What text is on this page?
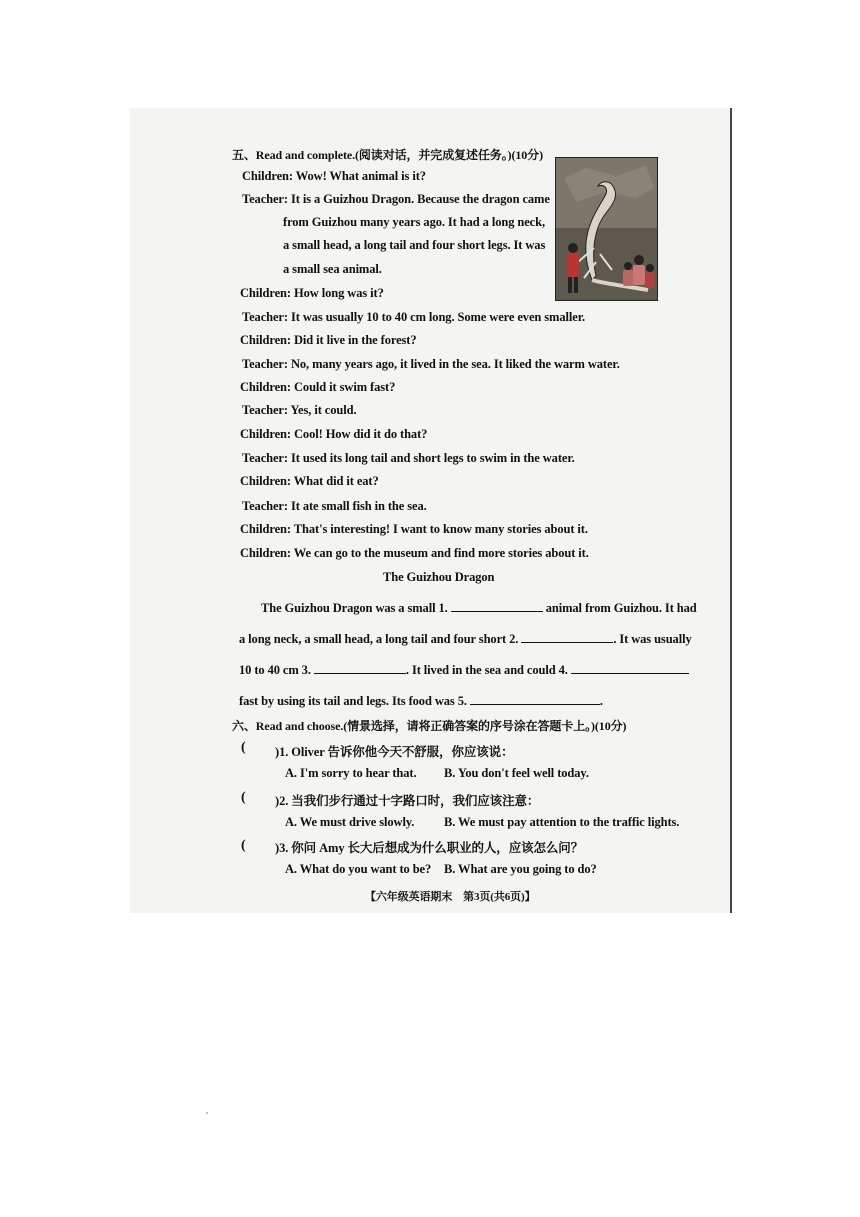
五、Read and complete.(阅读对话，并完成复述任务。)(10分)
Children: Wow! What animal is it?
Teacher: It is a Guizhou Dragon. Because the dragon came
from Guizhou many years ago. It had a long neck,
a small head, a long tail and four short legs. It was
a small sea animal.
Children: How long was it?
Teacher: It was usually 10 to 40 cm long. Some were even smaller.
Children: Did it live in the forest?
Teacher: No, many years ago, it lived in the sea. It liked the warm water.
Children: Could it swim fast?
Teacher: Yes, it could.
Children: Cool! How did it do that?
Teacher: It used its long tail and short legs to swim in the water.
Children: What did it eat?
Teacher: It ate small fish in the sea.
Children: That's interesting! I want to know many stories about it.
Children: We can go to the museum and find more stories about it.
The Guizhou Dragon
The Guizhou Dragon was a small 1.	animal from Guizhou. It had
a long neck, a small head, a long tail and four short 2.	. It was usually
10 to 40 cm 3.	. It lived in the sea and could 4.
fast by using its tail and legs. Its food was 5.	.
六、Read and choose.(情景选择，请将正确答案的序号涂在答题卡上。)(10分)
( )1. Oliver 告诉你他今天不舒服，你应该说：
A. I'm sorry to hear that. B. You don't feel well today.
( )2. 当我们步行通过十字路口时，我们应该注意：
A. We must drive slowly. B. We must pay attention to the traffic lights.
( )3. 你问 Amy 长大后想成为什么职业的人，应该怎么问？
A. What do you want to be? B. What are you going to do?
【六年级英语期末　第3页(共6页)】
